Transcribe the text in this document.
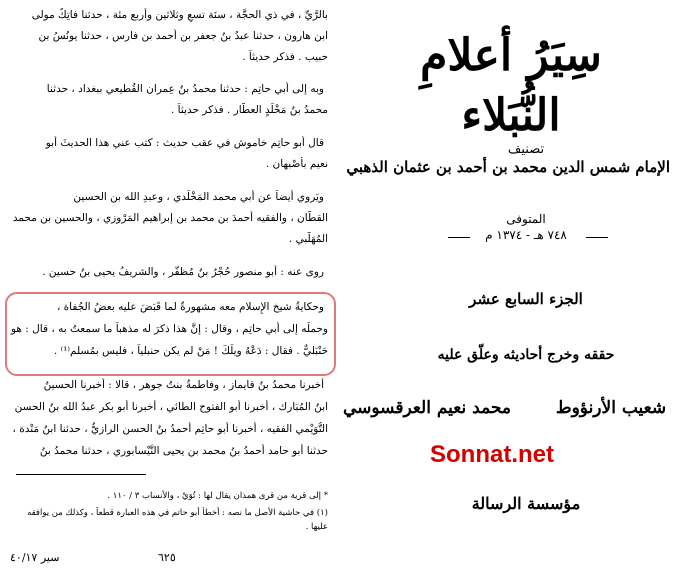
بالرَّيِّ ، في ذي الحجَّة ، سنَة تسعٍ وثلاثين وأربع مئة ، حدثنا فاتِكٌ مولى
ابن هارون ، حدثنا عبدُ بنُ جعفر بن أحمد بن فارس ، حدثنا يونُسُ بن
حبيب . فذكر حديثاً .
وبه إلى أبي حاتِم : حدثنا محمدُ بنُ عِمران القُطيعي ببغداد ، حدثنا
محمدُ بنُ مَخْلَدٍ العطَّار . فذكر حديثاً .
قال أبو حاتِم خاموش في عقب حديث : كتب عني هذا الحديثَ أبو
نعيم بأصْبهان .
ويَروي أيضاً عن أبي محمد المَخْلَدي ، وعبدِ الله بن الحسين
القطّان ، والفقيه أحمدَ بن محمد بن إبراهيم المَرْوزي ، والحسين بن محمد
المُهَلَّبي .
روى عنه : أبو منصور حُجْرُ بنُ مُظفّر ، والشريفُ يحيى بنُ حسين .
وحكايةُ شيخ الإِسلام معه مشهورةٌ لما قَبَضَ عليه بعضُ الجُفاة ،
وحملَه إلى أبي حاتِم ، وقال : إنَّ هذا ذكرَ له مذهباً ما سمعتُ به ، قال : هو
حَنْبَليٌّ . فقال : دَعْهُ ويلَكَ ! مَنْ لم يكن حنبلياً ، فليس بمُسلم⁽¹⁾ .
أخبرنا محمدُ بنُ قايماز ، وفاطمةُ بنتُ جوهر ، قالا : أخبرنا الحسينُ
ابنُ المُبَارك ، أخبرنا أبو الفتوح الطائي ، أخبرنا أبو بكر عبدُ الله بنُ الحسن
التُّوَيْمي الفقيه ، أخبرنا أبو حاتِم أحمدُ بنُ الحسن الرازيُّ ، حدثنا ابنُ مَنْدة ،
حدثنا أبو حامد أحمدُ بنُ محمد بن يحيى النَّيْسابوري ، حدثنا محمدُ بنُ
* إلى قرية من قرى همذان يقال لها : تُوَيْ ، والأنساب ٣ / ١١٠ .
(١) في حاشية الأصل ما نصه : أخطأ أبو حاتم في هذه العبارة قطعاً ، وكذلك من يوافقه
عليها .
٦٢٥
سير ٤٠/١٧
سِيَرُ أعلامِ النُّبَلاء
تصنيف
الإمام شمس الدين محمد بن أحمد بن عثمان الذهبي
المتوفى
٧٤٨ هـ - ١٣٧٤ م
الجزء السابع عشر
حققه وخرج أحاديثه وعلّق عليه
شعيب الأرنؤوط
محمد نعيم العرقسوسي
Sonnat.net
مؤسسة الرسالة
